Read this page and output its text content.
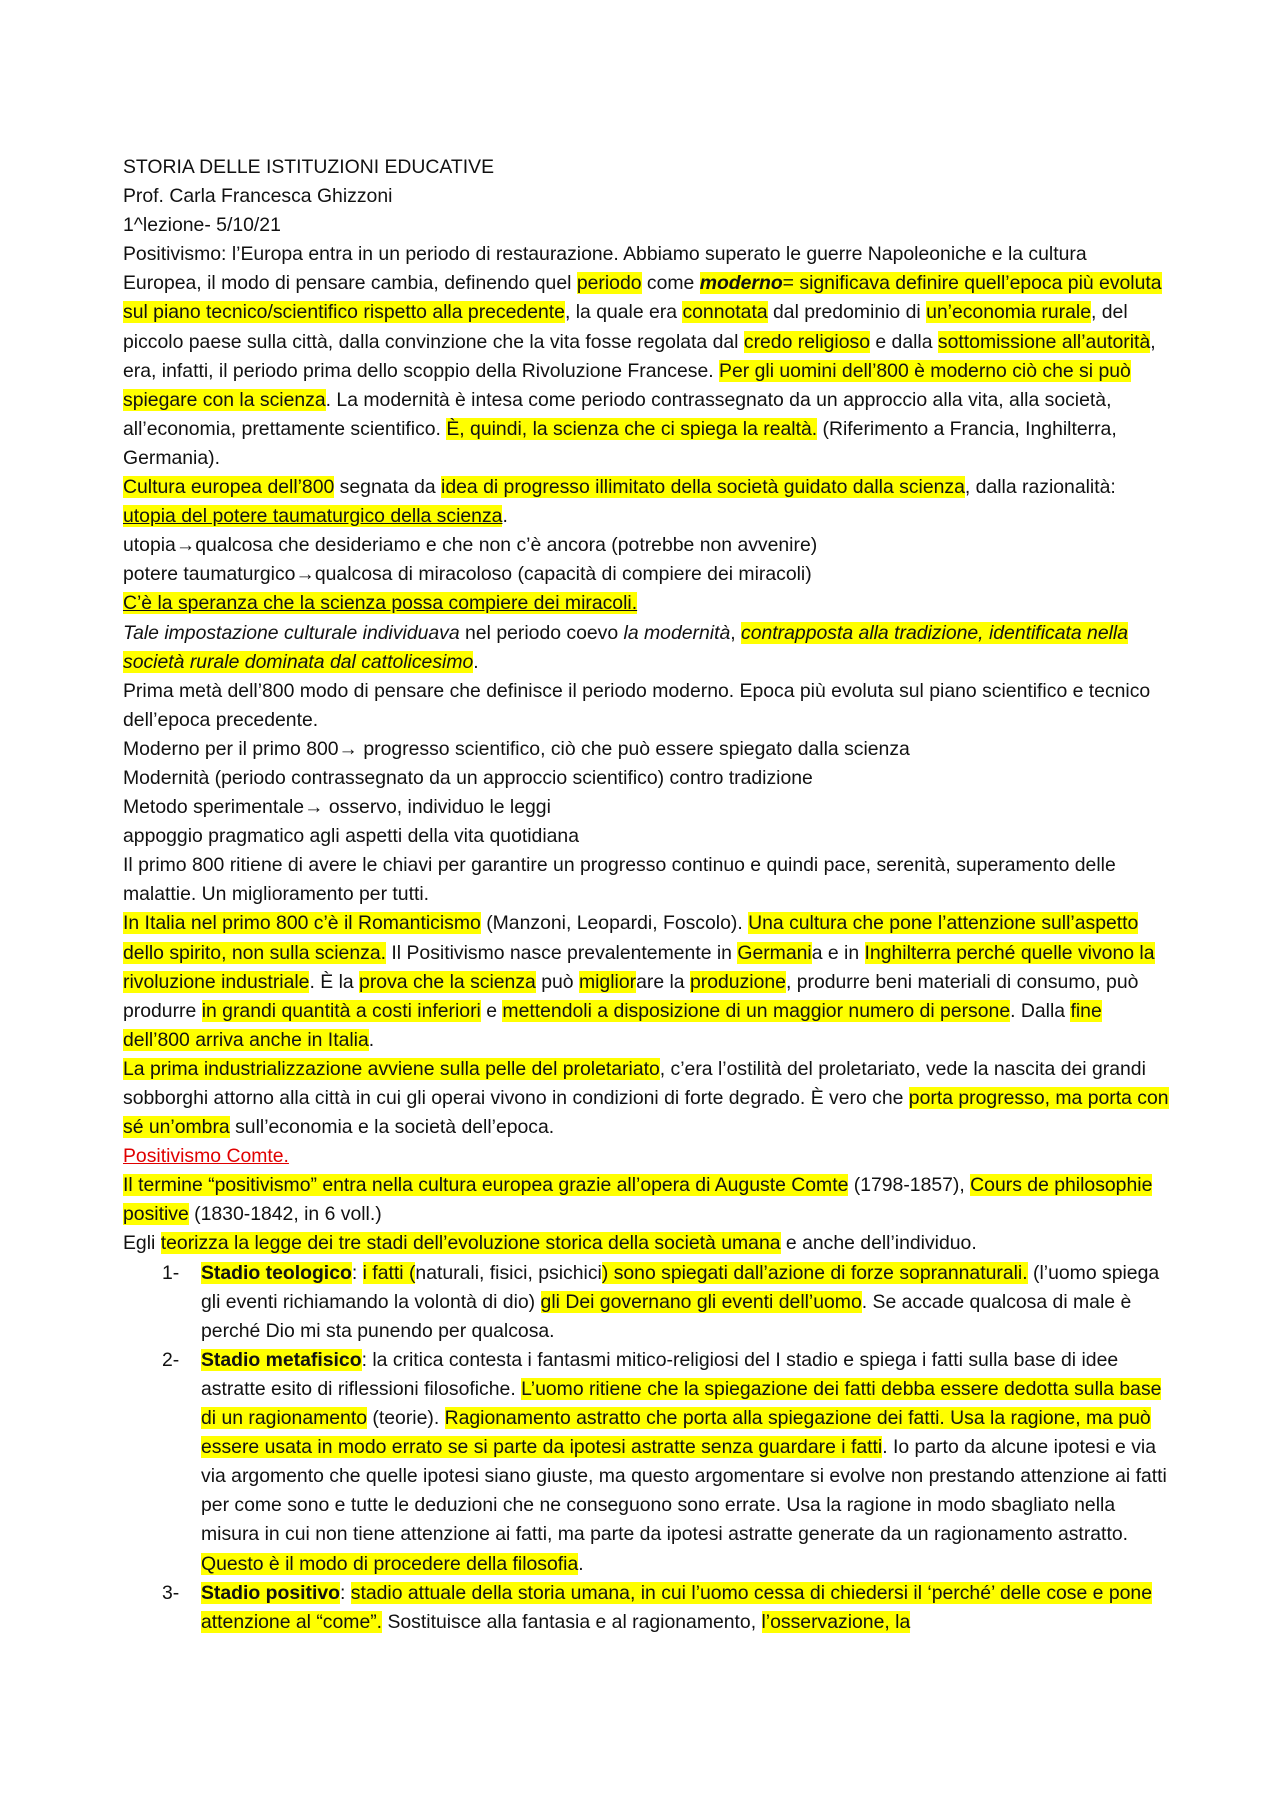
STORIA DELLE ISTITUZIONI EDUCATIVE
Prof. Carla Francesca Ghizzoni
1^lezione- 5/10/21
Positivismo: l’Europa entra in un periodo di restaurazione. Abbiamo superato le guerre Napoleoniche e la cultura Europea, il modo di pensare cambia, definendo quel periodo come moderno= significava definire quell’epoca più evoluta sul piano tecnico/scientifico rispetto alla precedente, la quale era connotata dal predominio di un’economia rurale, del piccolo paese sulla città, dalla convinzione che la vita fosse regolata dal credo religioso e dalla sottomissione all’autorità, era, infatti, il periodo prima dello scoppio della Rivoluzione Francese. Per gli uomini dell’800 è moderno ciò che si può spiegare con la scienza. La modernità è intesa come periodo contrassegnato da un approccio alla vita, alla società, all’economia, prettamente scientifico. È, quindi, la scienza che ci spiega la realtà. (Riferimento a Francia, Inghilterra, Germania).
Cultura europea dell’800 segnata da idea di progresso illimitato della società guidato dalla scienza, dalla razionalità: utopia del potere taumaturgico della scienza.
utopia→qualcosa che desideriamo e che non c’è ancora (potrebbe non avvenire)
potere taumaturgico→qualcosa di miracoloso (capacità di compiere dei miracoli)
C’è la speranza che la scienza possa compiere dei miracoli.
Tale impostazione culturale individuava nel periodo coevo la modernità, contrapposta alla tradizione, identificata nella società rurale dominata dal cattolicesimo.
Prima metà dell’800 modo di pensare che definisce il periodo moderno. Epoca più evoluta sul piano scientifico e tecnico dell’epoca precedente.
Moderno per il primo 800→ progresso scientifico, ciò che può essere spiegato dalla scienza
Modernità (periodo contrassegnato da un approccio scientifico) contro tradizione
Metodo sperimentale→ osservo, individuo le leggi
appoggio pragmatico agli aspetti della vita quotidiana
Il primo 800 ritiene di avere le chiavi per garantire un progresso continuo e quindi pace, serenità, superamento delle malattie. Un miglioramento per tutti.
In Italia nel primo 800 c’è il Romanticismo (Manzoni, Leopardi, Foscolo). Una cultura che pone l’attenzione sull’aspetto dello spirito, non sulla scienza. Il Positivismo nasce prevalentemente in Germania e in Inghilterra perché quelle vivono la rivoluzione industriale. È la prova che la scienza può migliorare la produzione, produrre beni materiali di consumo, può produrre in grandi quantità a costi inferiori e mettendoli a disposizione di un maggior numero di persone. Dalla fine dell’800 arriva anche in Italia.
La prima industrializzazione avviene sulla pelle del proletariato, c’era l’ostilità del proletariato, vede la nascita dei grandi sobborghi attorno alla città in cui gli operai vivono in condizioni di forte degrado. È vero che porta progresso, ma porta con sé un’ombra sull’economia e la società dell’epoca.
Positivismo Comte.
Il termine “positivismo” entra nella cultura europea grazie all’opera di Auguste Comte (1798-1857), Cours de philosophie positive (1830-1842, in 6 voll.)
Egli teorizza la legge dei tre stadi dell’evoluzione storica della società umana e anche dell’individuo.
1- Stadio teologico: i fatti (naturali, fisici, psichici) sono spiegati dall’azione di forze soprannaturali. (l’uomo spiega gli eventi richiamando la volontà di dio) gli Dei governano gli eventi dell’uomo. Se accade qualcosa di male è perché Dio mi sta punendo per qualcosa.
2- Stadio metafisico: la critica contesta i fantasmi mitico-religiosi del I stadio e spiega i fatti sulla base di idee astratte esito di riflessioni filosofiche. L’uomo ritiene che la spiegazione dei fatti debba essere dedotta sulla base di un ragionamento (teorie). Ragionamento astratto che porta alla spiegazione dei fatti. Usa la ragione, ma può essere usata in modo errato se si parte da ipotesi astratte senza guardare i fatti. Io parto da alcune ipotesi e via via argomento che quelle ipotesi siano giuste, ma questo argomentare si evolve non prestando attenzione ai fatti per come sono e tutte le deduzioni che ne conseguono sono errate. Usa la ragione in modo sbagliato nella misura in cui non tiene attenzione ai fatti, ma parte da ipotesi astratte generate da un ragionamento astratto. Questo è il modo di procedere della filosofia.
3- Stadio positivo: stadio attuale della storia umana, in cui l’uomo cessa di chiedersi il ‘perché’ delle cose e pone attenzione al “come”. Sostituisce alla fantasia e al ragionamento, l’osservazione, la
